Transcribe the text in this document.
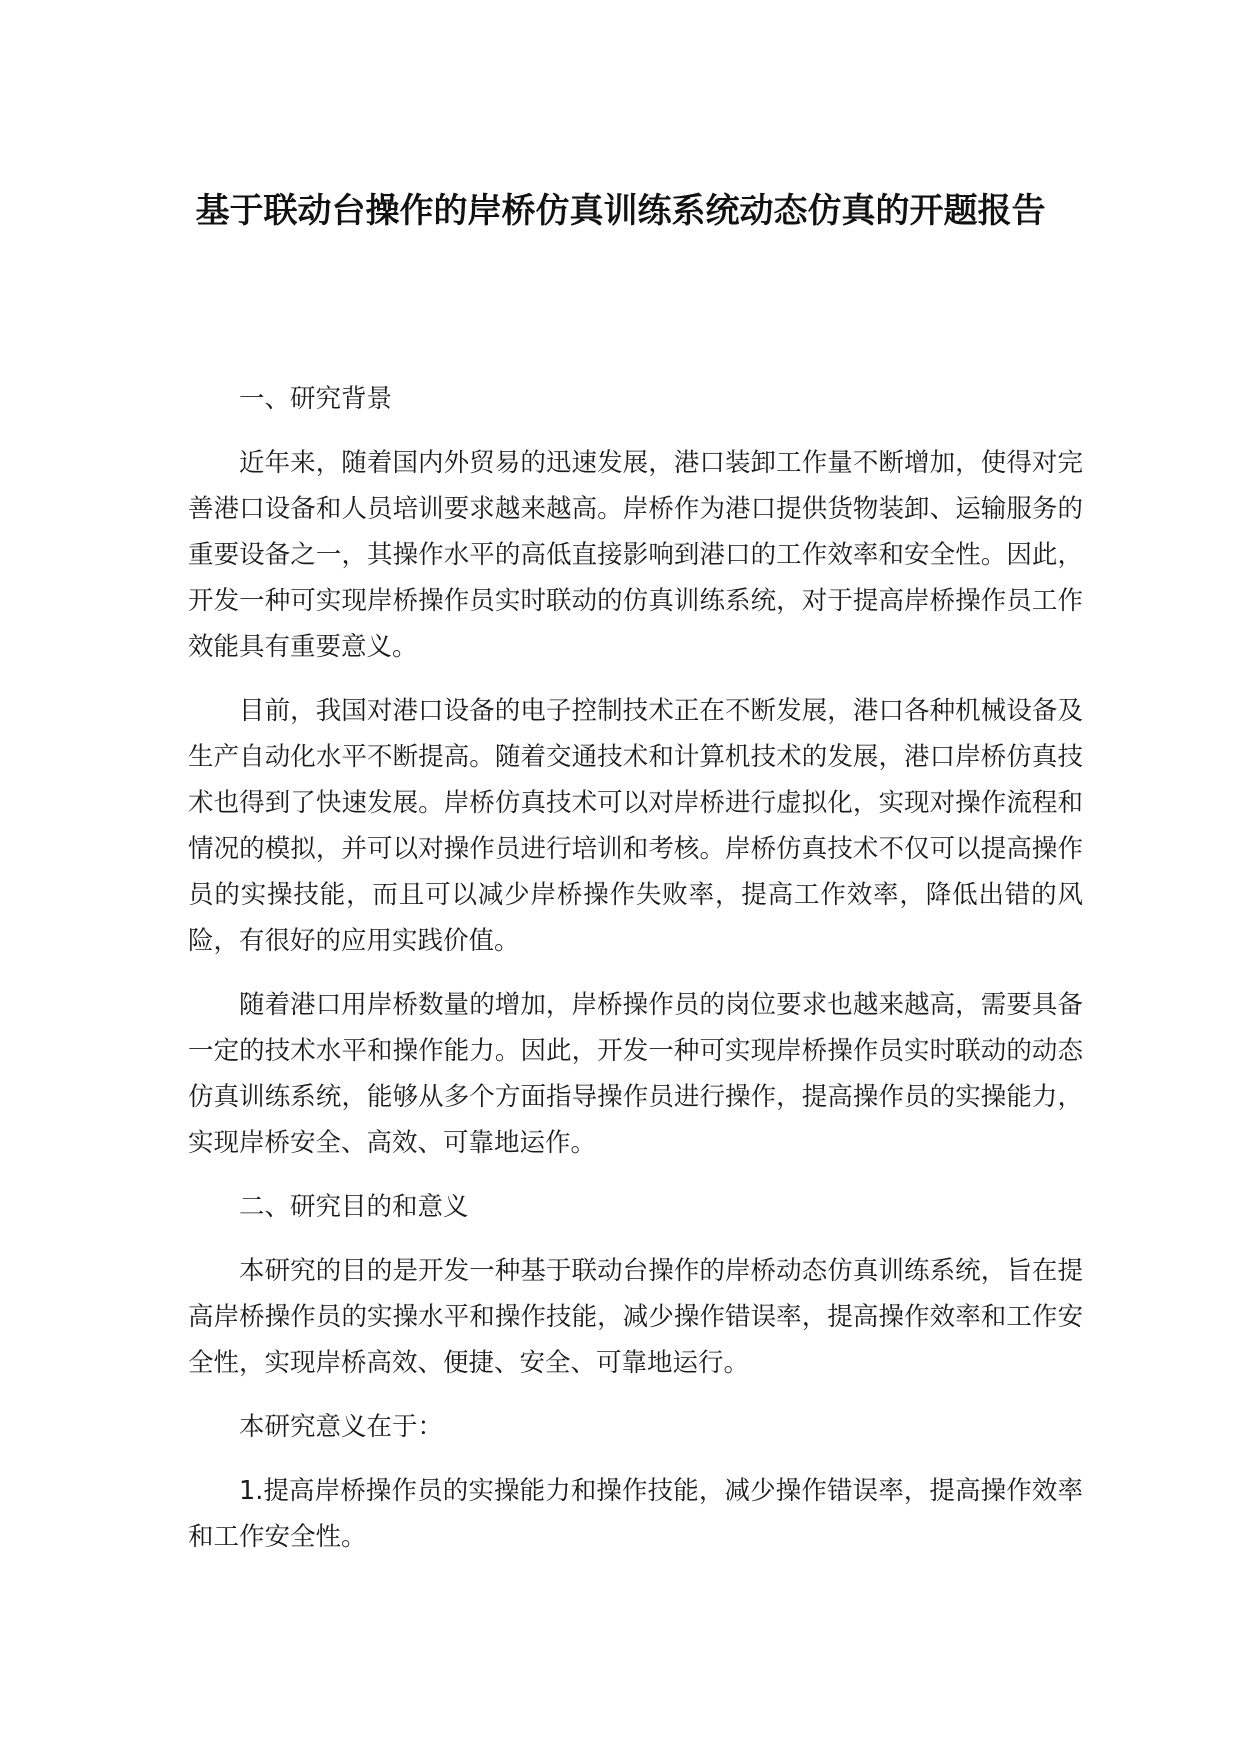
基于联动台操作的岸桥仿真训练系统动态仿真的开题报告

一、研究背景

近年来，随着国内外贸易的迅速发展，港口装卸工作量不断增加，使得对完善港口设备和人员培训要求越来越高。岸桥作为港口提供货物装卸、运输服务的重要设备之一，其操作水平的高低直接影响到港口的工作效率和安全性。因此，开发一种可实现岸桥操作员实时联动的仿真训练系统，对于提高岸桥操作员工作效能具有重要意义。

目前，我国对港口设备的电子控制技术正在不断发展，港口各种机械设备及生产自动化水平不断提高。随着交通技术和计算机技术的发展，港口岸桥仿真技术也得到了快速发展。岸桥仿真技术可以对岸桥进行虚拟化，实现对操作流程和情况的模拟，并可以对操作员进行培训和考核。岸桥仿真技术不仅可以提高操作员的实操技能，而且可以减少岸桥操作失败率，提高工作效率，降低出错的风险，有很好的应用实践价值。

随着港口用岸桥数量的增加，岸桥操作员的岗位要求也越来越高，需要具备一定的技术水平和操作能力。因此，开发一种可实现岸桥操作员实时联动的动态仿真训练系统，能够从多个方面指导操作员进行操作，提高操作员的实操能力，实现岸桥安全、高效、可靠地运作。

二、研究目的和意义

本研究的目的是开发一种基于联动台操作的岸桥动态仿真训练系统，旨在提高岸桥操作员的实操水平和操作技能，减少操作错误率，提高操作效率和工作安全性，实现岸桥高效、便捷、安全、可靠地运行。

本研究意义在于：

1.提高岸桥操作员的实操能力和操作技能，减少操作错误率，提高操作效率和工作安全性。
